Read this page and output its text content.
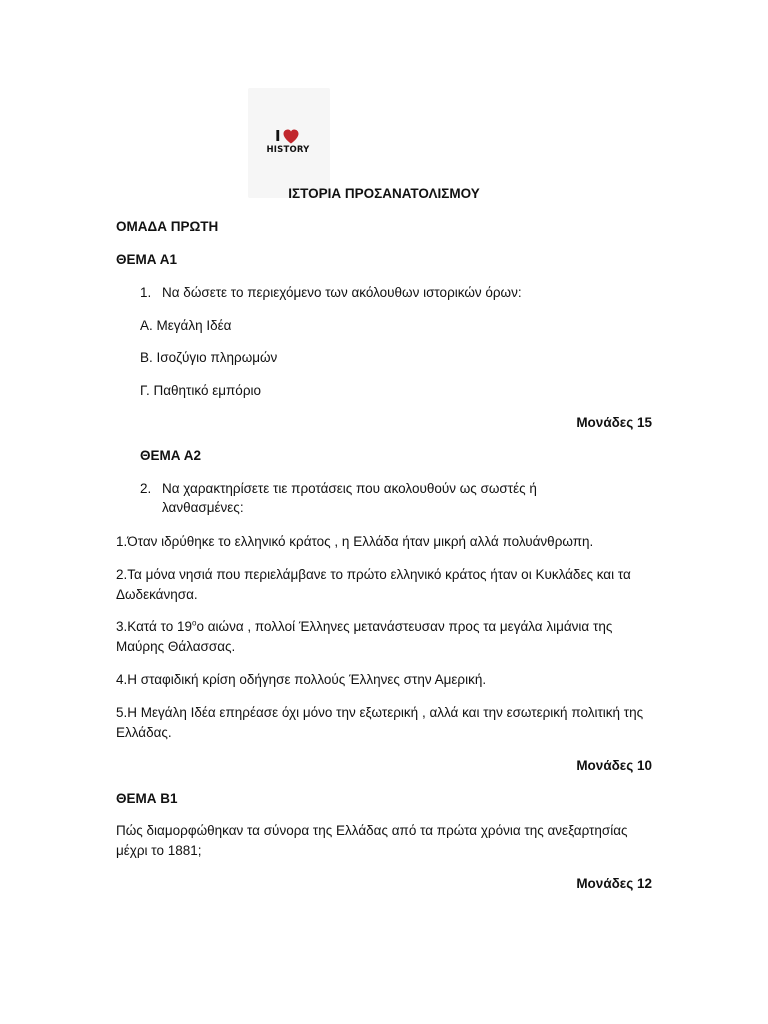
I
HISTORY
ΙΣΤΟΡΙΑ ΠΡΟΣΑΝΑΤΟΛΙΣΜΟΥ
ΟΜΑΔΑ ΠΡΩΤΗ
ΘΕΜΑ Α1
1. Να δώσετε το περιεχόμενο των ακόλουθων ιστορικών όρων:
Α. Μεγάλη Ιδέα
Β. Ισοζύγιο πληρωμών
Γ. Παθητικό εμπόριο
Μονάδες 15
ΘΕΜΑ Α2
2. Να χαρακτηρίσετε τιε προτάσεις που ακολουθούν ως σωστές ή λανθασμένες:
1.Όταν ιδρύθηκε το ελληνικό κράτος , η Ελλάδα ήταν μικρή αλλά πολυάνθρωπη.
2.Τα μόνα νησιά που περιελάμβανε το πρώτο ελληνικό κράτος ήταν οι Κυκλάδες και τα Δωδεκάνησα.
3.Κατά το $19^oo$ αιώνα , πολλοί Έλληνες μετανάστευσαν προς τα μεγάλα λιμάνια της Μαύρης Θάλασσας.
4.Η σταφιδική κρίση οδήγησε πολλούς Έλληνες στην Αμερική.
5.Η Μεγάλη Ιδέα επηρέασε όχι μόνο την εξωτερική , αλλά και την εσωτερική πολιτική της Ελλάδας.
Μονάδες 10
ΘΕΜΑ Β1
Πώς διαμορφώθηκαν τα σύνορα της Ελλάδας από τα πρώτα χρόνια της ανεξαρτησίας μέχρι το 1881;
Μονάδες 12
